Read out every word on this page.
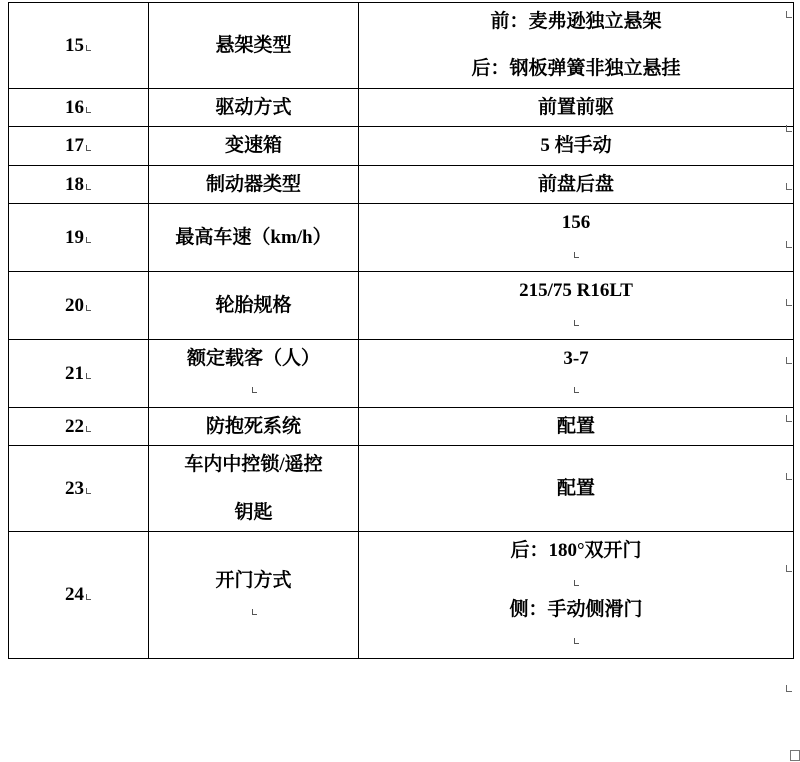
15	悬架类型	前：麦弗逊独立悬架
后：钢板弹簧非独立悬挂

16	驱动方式	前置前驱

17	变速箱	5 档手动

18	制动器类型	前盘后盘

19	最高车速（km/h）	156

20	轮胎规格	215/75 R16LT

21	额定载客（人）	3-7

22	防抱死系统	配置

23	车内中控锁/遥控
钥匙	配置

24	开门方式	后：180°双开门
侧：手动侧滑门
